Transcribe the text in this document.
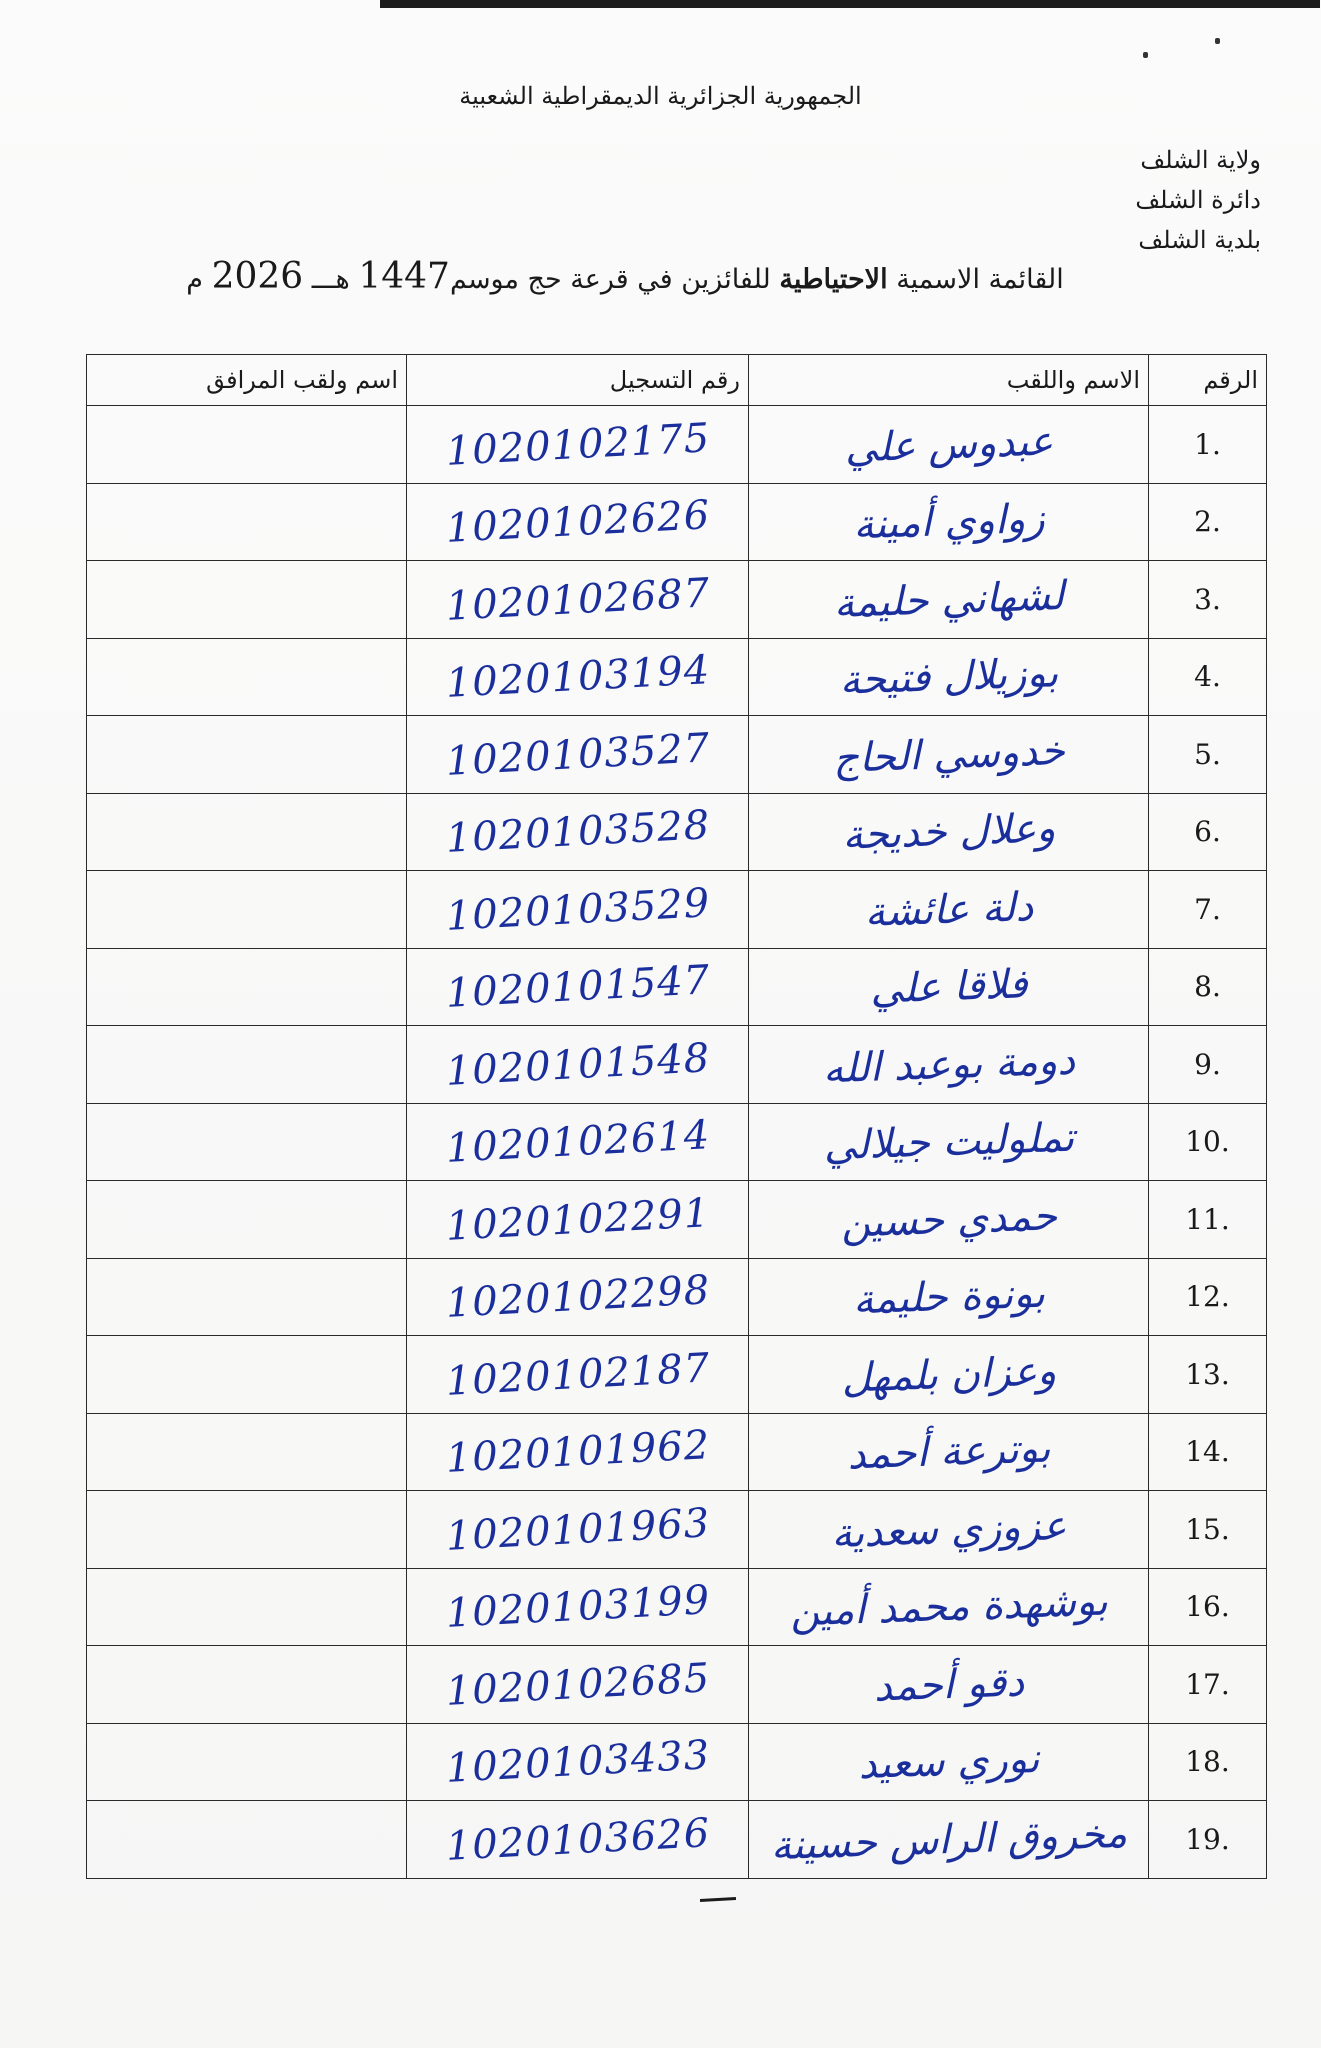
الجمهورية الجزائرية الديمقراطية الشعبية
ولاية الشلف
دائرة الشلف
بلدية الشلف
القائمة الاسمية الاحتياطية للفائزين في قرعة حج موسم1447 هـــ 2026 م
الرقم	الاسم واللقب	رقم التسجيل	اسم ولقب المرافق
1.	عبدوس علي	1020102175	
2.	زواوي أمينة	1020102626	
3.	لشهاني حليمة	1020102687	
4.	بوزيلال فتيحة	1020103194	
5.	خدوسي الحاج	1020103527	
6.	وعلال خديجة	1020103528	
7.	دلة عائشة	1020103529	
8.	فلاقا علي	1020101547	
9.	دومة بوعبد الله	1020101548	
10.	تملوليت جيلالي	1020102614	
11.	حمدي حسين	1020102291	
12.	بونوة حليمة	1020102298	
13.	وعزان بلمهل	1020102187	
14.	بوترعة أحمد	1020101962	
15.	عزوزي سعدية	1020101963	
16.	بوشهدة محمد أمين	1020103199	
17.	دقو أحمد	1020102685	
18.	نوري سعيد	1020103433	
19.	مخروق الراس حسينة	1020103626	
